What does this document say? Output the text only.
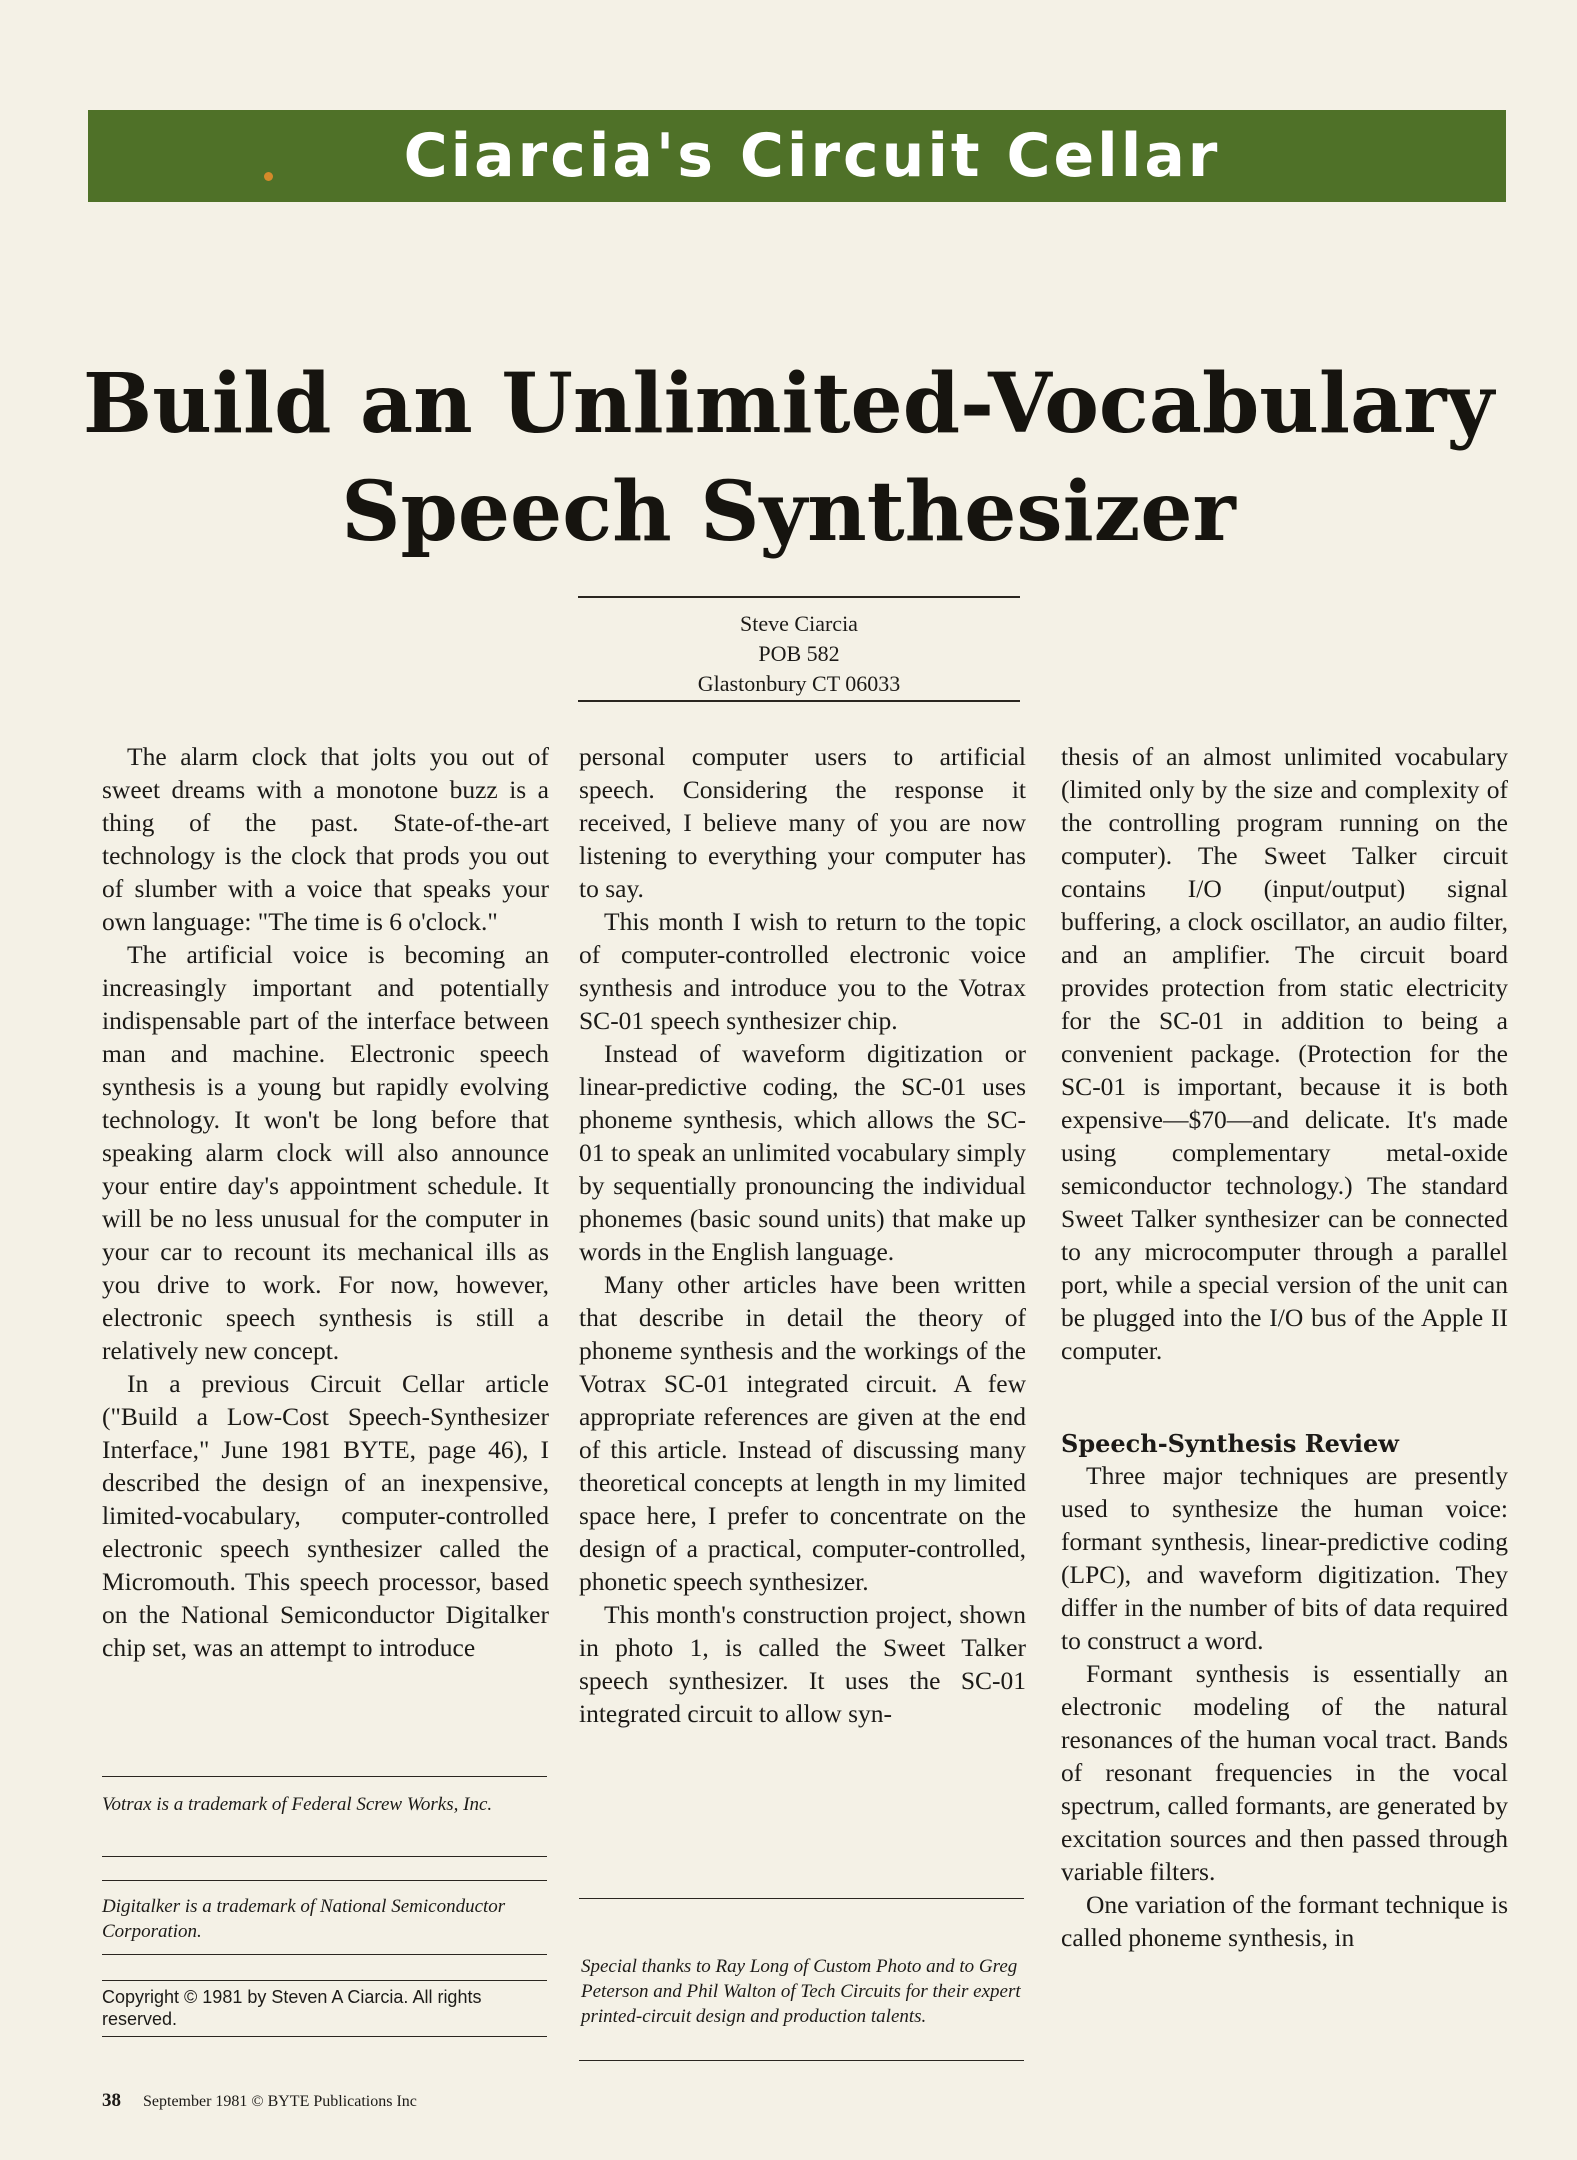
Ciarcia's Circuit Cellar
Build an Unlimited-Vocabulary
Speech Synthesizer
Steve Ciarcia
POB 582
Glastonbury CT 06033

The alarm clock that jolts you out of sweet dreams with a monotone buzz is a thing of the past. State-of-the-art technology is the clock that prods you out of slumber with a voice that speaks your own language: "The time is 6 o'clock."

The artificial voice is becoming an increasingly important and potentially indispensable part of the interface between man and machine. Electronic speech synthesis is a young but rapidly evolving technology. It won't be long before that speaking alarm clock will also announce your entire day's appointment schedule. It will be no less unusual for the computer in your car to recount its mechanical ills as you drive to work. For now, however, electronic speech synthesis is still a relatively new concept.

In a previous Circuit Cellar article ("Build a Low-Cost Speech-Synthesizer Interface," June 1981 BYTE, page 46), I described the design of an inexpensive, limited-vocabulary, computer-controlled electronic speech synthesizer called the Micromouth. This speech processor, based on the National Semiconductor Digitalker chip set, was an attempt to introduce

personal computer users to artificial speech. Considering the response it received, I believe many of you are now listening to everything your computer has to say.

This month I wish to return to the topic of computer-controlled electronic voice synthesis and introduce you to the Votrax SC-01 speech synthesizer chip.

Instead of waveform digitization or linear-predictive coding, the SC-01 uses phoneme synthesis, which allows the SC-01 to speak an unlimited vocabulary simply by sequentially pronouncing the individual phonemes (basic sound units) that make up words in the English language.

Many other articles have been written that describe in detail the theory of phoneme synthesis and the workings of the Votrax SC-01 integrated circuit. A few appropriate references are given at the end of this article. Instead of discussing many theoretical concepts at length in my limited space here, I prefer to concentrate on the design of a practical, computer-controlled, phonetic speech synthesizer.

This month's construction project, shown in photo 1, is called the Sweet Talker speech synthesizer. It uses the SC-01 integrated circuit to allow syn-

thesis of an almost unlimited vocabulary (limited only by the size and complexity of the controlling program running on the computer). The Sweet Talker circuit contains I/O (input/output) signal buffering, a clock oscillator, an audio filter, and an amplifier. The circuit board provides protection from static electricity for the SC-01 in addition to being a convenient package. (Protection for the SC-01 is important, because it is both expensive—$70—and delicate. It's made using complementary metal-oxide semiconductor technology.) The standard Sweet Talker synthesizer can be connected to any microcomputer through a parallel port, while a special version of the unit can be plugged into the I/O bus of the Apple II computer.

Speech-Synthesis Review

Three major techniques are presently used to synthesize the human voice: formant synthesis, linear-predictive coding (LPC), and waveform digitization. They differ in the number of bits of data required to construct a word.

Formant synthesis is essentially an electronic modeling of the natural resonances of the human vocal tract. Bands of resonant frequencies in the vocal spectrum, called formants, are generated by excitation sources and then passed through variable filters.

One variation of the formant technique is called phoneme synthesis, in

Votrax is a trademark of Federal Screw Works, Inc.
Digitalker is a trademark of National Semiconductor Corporation.
Copyright © 1981 by Steven A Ciarcia. All rights reserved.
Special thanks to Ray Long of Custom Photo and to Greg Peterson and Phil Walton of Tech Circuits for their expert printed-circuit design and production talents.
38 September 1981 © BYTE Publications Inc
